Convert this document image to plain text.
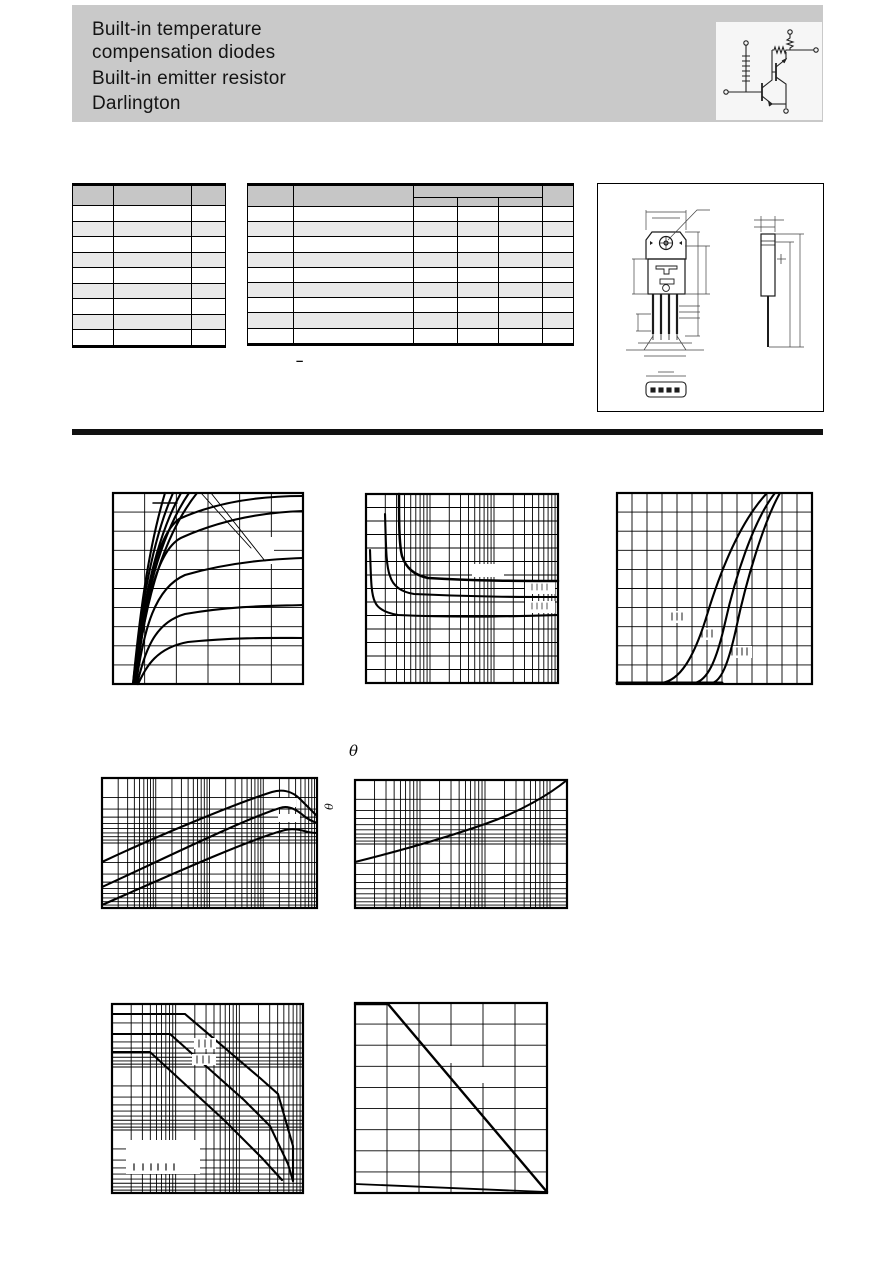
Built-in temperature
compensation diodes
Built-in emitter resistor
Darlington

–
θ
θ
